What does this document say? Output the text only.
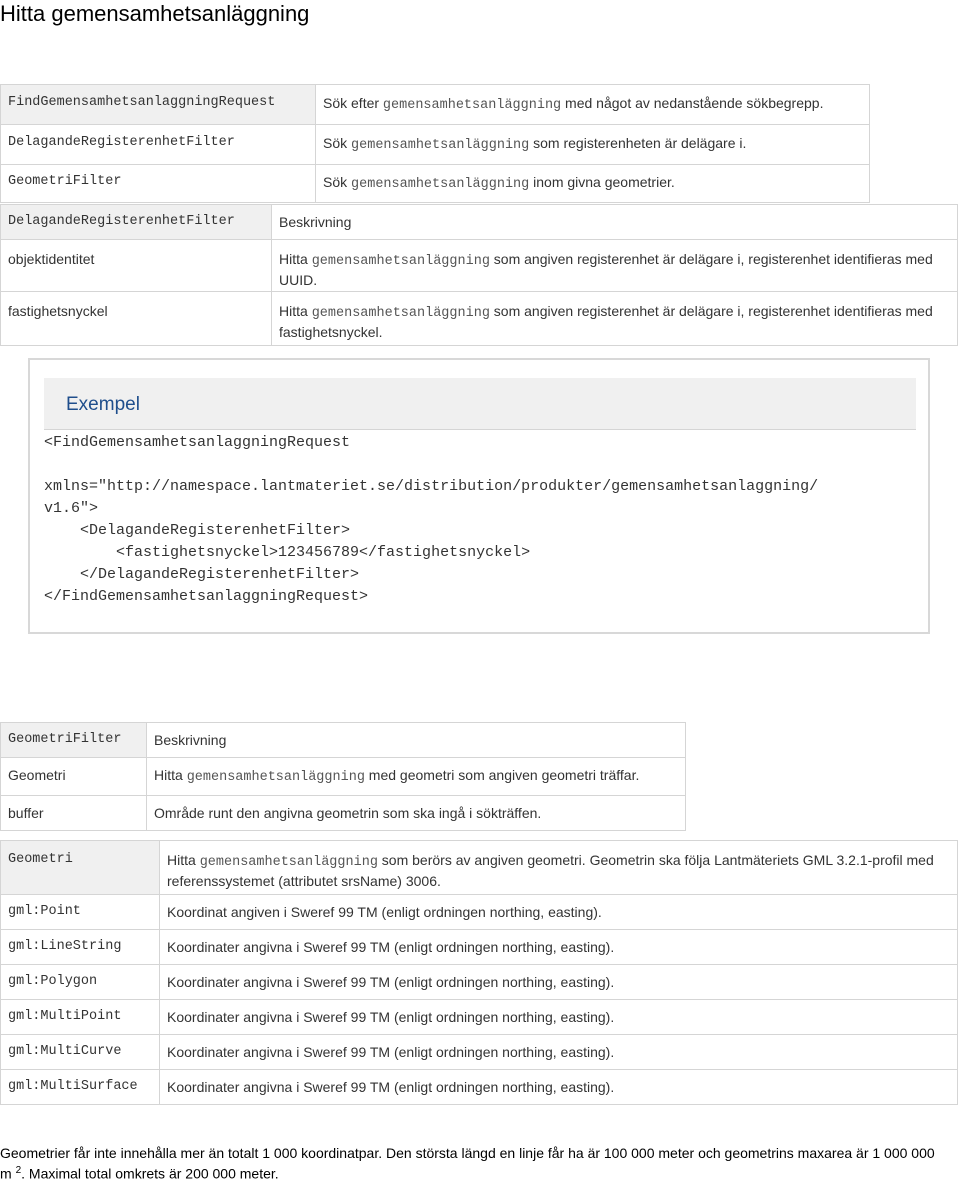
Hitta gemensamhetsanläggning
FindGemensamhetsanlaggningRequest	Sök efter gemensamhetsanläggning med något av nedanstående sökbegrepp.
DelagandeRegisterenhetFilter	Sök gemensamhetsanläggning som registerenheten är delägare i.
GeometriFilter	Sök gemensamhetsanläggning inom givna geometrier.
DelagandeRegisterenhetFilter	Beskrivning
objektidentitet	Hitta gemensamhetsanläggning som angiven registerenhet är delägare i, registerenhet identifieras med UUID.
fastighetsnyckel	Hitta gemensamhetsanläggning som angiven registerenhet är delägare i, registerenhet identifieras med fastighetsnyckel.
Exempel
<FindGemensamhetsanlaggningRequest

xmlns="http://namespace.lantmateriet.se/distribution/produkter/gemensamhetsanlaggning/
v1.6">
<DelagandeRegisterenhetFilter>
<fastighetsnyckel>123456789</fastighetsnyckel>
</DelagandeRegisterenhetFilter>
</FindGemensamhetsanlaggningRequest>
GeometriFilter	Beskrivning
Geometri	Hitta gemensamhetsanläggning med geometri som angiven geometri träffar.
buffer	Område runt den angivna geometrin som ska ingå i sökträffen.
Geometri	Hitta gemensamhetsanläggning som berörs av angiven geometri. Geometrin ska följa Lantmäteriets GML 3.2.1-profil med referenssystemet (attributet srsName) 3006.
gml:Point	Koordinat angiven i Sweref 99 TM (enligt ordningen northing, easting).
gml:LineString	Koordinater angivna i Sweref 99 TM (enligt ordningen northing, easting).
gml:Polygon	Koordinater angivna i Sweref 99 TM (enligt ordningen northing, easting).
gml:MultiPoint	Koordinater angivna i Sweref 99 TM (enligt ordningen northing, easting).
gml:MultiCurve	Koordinater angivna i Sweref 99 TM (enligt ordningen northing, easting).
gml:MultiSurface	Koordinater angivna i Sweref 99 TM (enligt ordningen northing, easting).
Geometrier får inte innehålla mer än totalt 1 000 koordinatpar. Den största längd en linje får ha är 100 000 meter och geometrins maxarea är 1 000 000 m $^2$. Maximal total omkrets är 200 000 meter.
